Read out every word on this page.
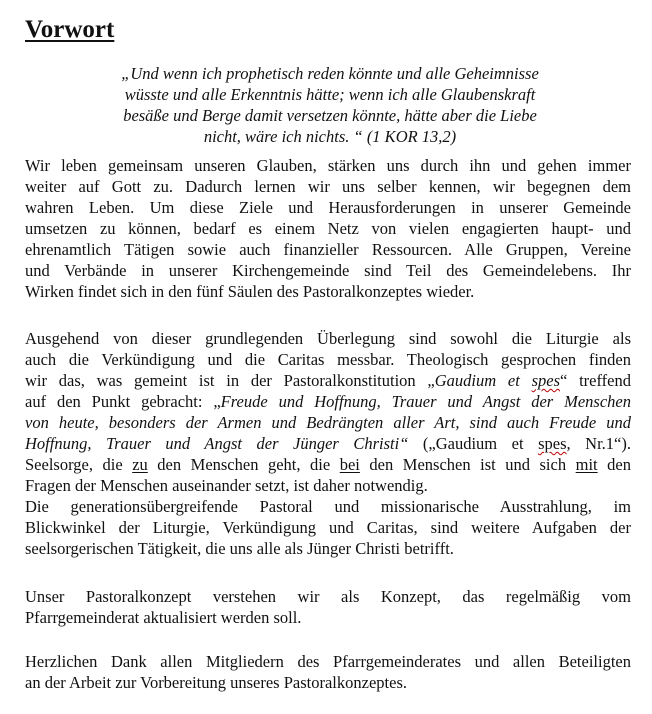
Vorwort
„Und wenn ich prophetisch reden könnte und alle Geheimnisse
wüsste und alle Erkenntnis hätte; wenn ich alle Glaubenskraft
besäße und Berge damit versetzen könnte, hätte aber die Liebe
nicht, wäre ich nichts. “ (1 KOR 13,2)
Wir leben gemeinsam unseren Glauben, stärken uns durch ihn und gehen immer
weiter auf Gott zu. Dadurch lernen wir uns selber kennen, wir begegnen dem
wahren Leben. Um diese Ziele und Herausforderungen in unserer Gemeinde
umsetzen zu können, bedarf es einem Netz von vielen engagierten haupt- und
ehrenamtlich Tätigen sowie auch finanzieller Ressourcen. Alle Gruppen, Vereine
und Verbände in unserer Kirchengemeinde sind Teil des Gemeindelebens. Ihr
Wirken findet sich in den fünf Säulen des Pastoralkonzeptes wieder.
Ausgehend von dieser grundlegenden Überlegung sind sowohl die Liturgie als
auch die Verkündigung und die Caritas messbar. Theologisch gesprochen finden
wir das, was gemeint ist in der Pastoralkonstitution „Gaudium et spes“ treffend
auf den Punkt gebracht: „Freude und Hoffnung, Trauer und Angst der Menschen
von heute, besonders der Armen und Bedrängten aller Art, sind auch Freude und
Hoffnung, Trauer und Angst der Jünger Christi“ („Gaudium et spes, Nr.1“).
Seelsorge, die zu den Menschen geht, die bei den Menschen ist und sich mit den
Fragen der Menschen auseinander setzt, ist daher notwendig.
Die generationsübergreifende Pastoral und missionarische Ausstrahlung, im
Blickwinkel der Liturgie, Verkündigung und Caritas, sind weitere Aufgaben der
seelsorgerischen Tätigkeit, die uns alle als Jünger Christi betrifft.
Unser Pastoralkonzept verstehen wir als Konzept, das regelmäßig vom
Pfarrgemeinderat aktualisiert werden soll.
Herzlichen Dank allen Mitgliedern des Pfarrgemeinderates und allen Beteiligten
an der Arbeit zur Vorbereitung unseres Pastoralkonzeptes.
